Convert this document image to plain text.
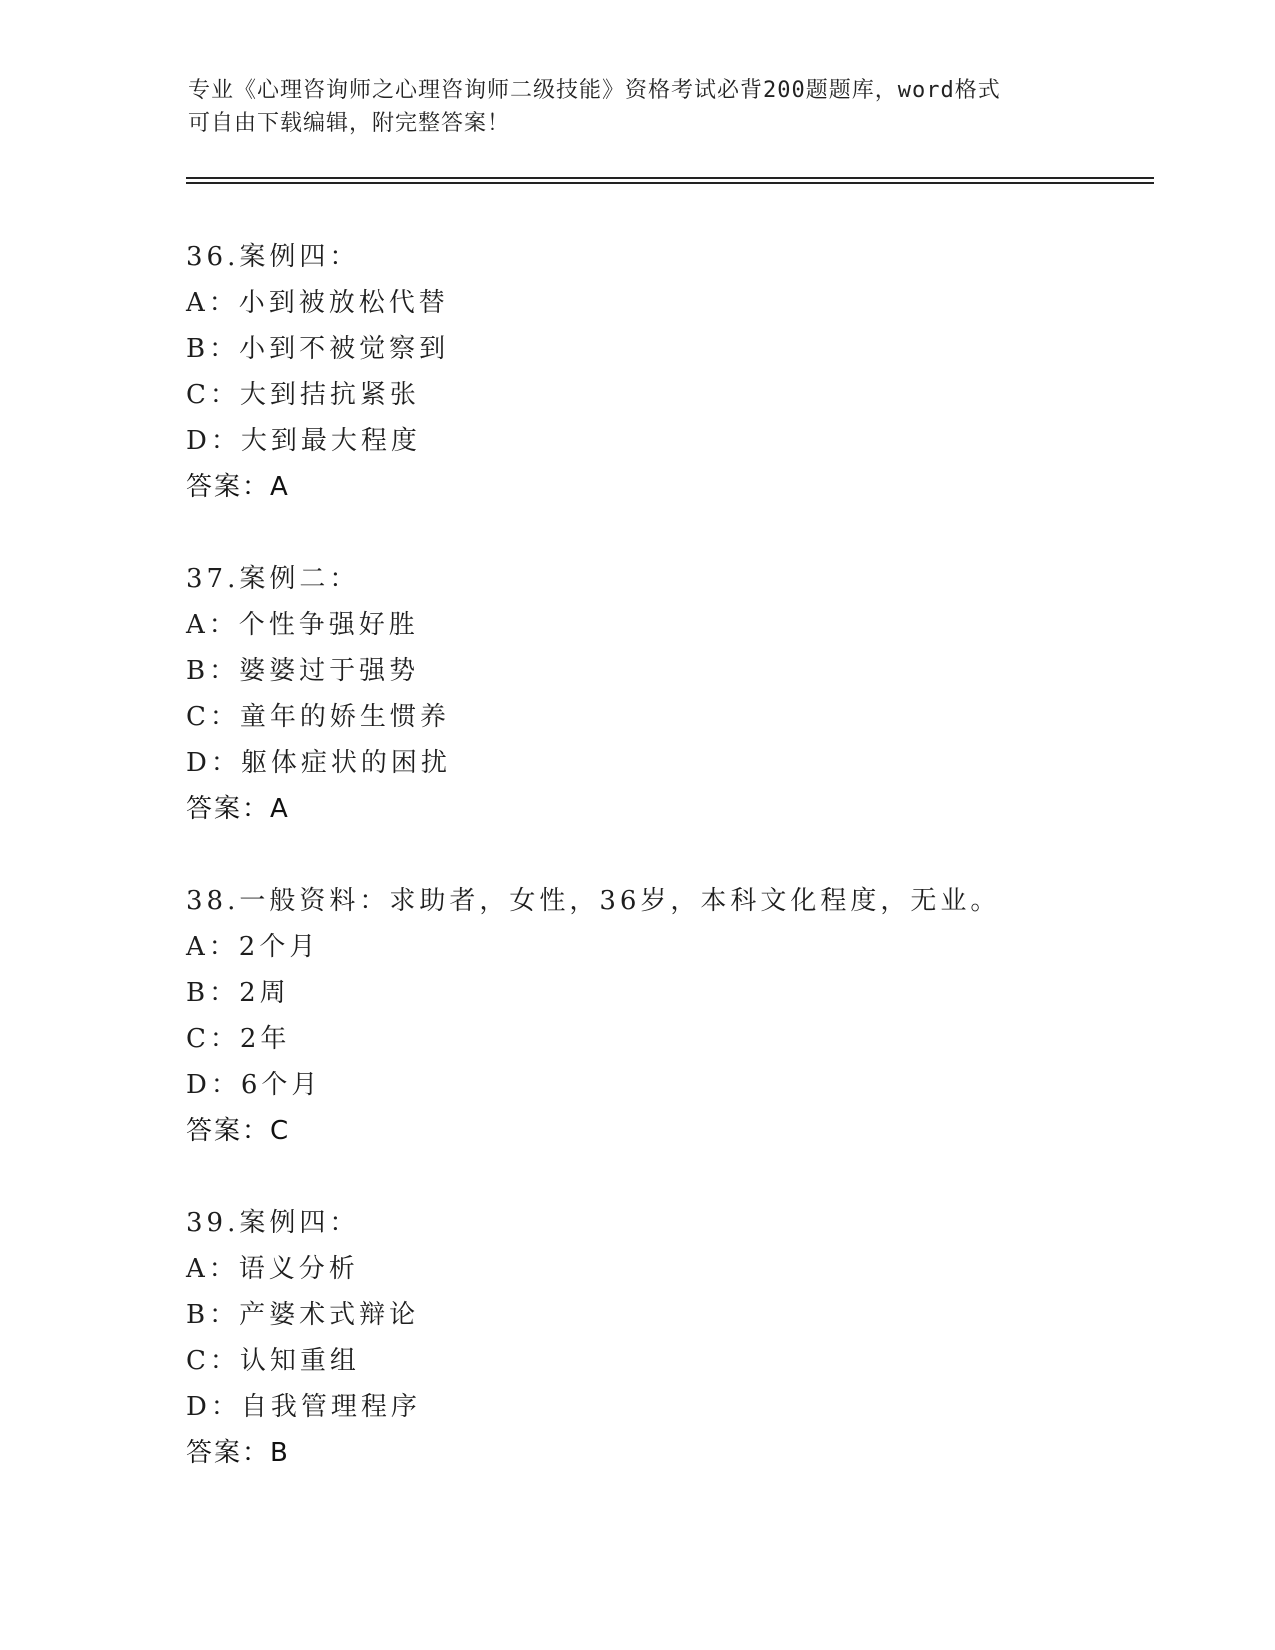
专业《心理咨询师之心理咨询师二级技能》资格考试必背200题题库，word格式
可自由下载编辑，附完整答案！
36.案例四：
A：小到被放松代替
B：小到不被觉察到
C：大到拮抗紧张
D：大到最大程度
答案：A
37.案例二：
A：个性争强好胜
B：婆婆过于强势
C：童年的娇生惯养
D：躯体症状的困扰
答案：A
38.一般资料：求助者，女性，36岁，本科文化程度，无业。
A：2个月
B：2周
C：2年
D：6个月
答案：C
39.案例四：
A：语义分析
B：产婆术式辩论
C：认知重组
D：自我管理程序
答案：B
